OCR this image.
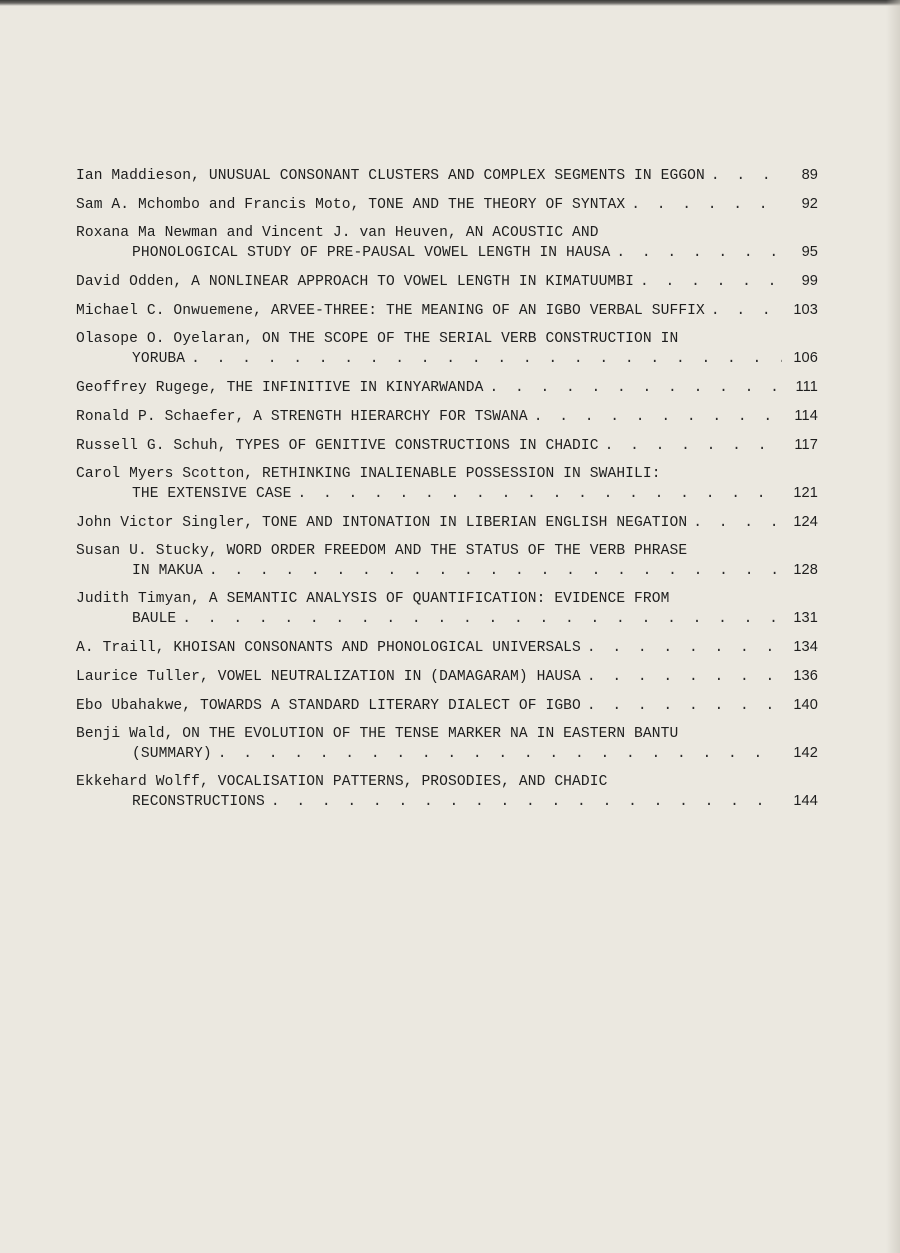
Ian Maddieson, UNUSUAL CONSONANT CLUSTERS AND COMPLEX SEGMENTS IN EGGON . . .	89
Sam A. Mchombo and Francis Moto, TONE AND THE THEORY OF SYNTAX . . .	92
Roxana Ma Newman and Vincent J. van Heuven, AN ACOUSTIC AND
PHONOLOGICAL STUDY OF PRE-PAUSAL VOWEL LENGTH IN HAUSA . . .	95
David Odden, A NONLINEAR APPROACH TO VOWEL LENGTH IN KIMATUUMBI . . .	99
Michael C. Onwuemene, ARVEE-THREE: THE MEANING OF AN IGBO VERBAL SUFFIX . . .	103
Olasope O. Oyelaran, ON THE SCOPE OF THE SERIAL VERB CONSTRUCTION IN
YORUBA . . .	106
Geoffrey Rugege, THE INFINITIVE IN KINYARWANDA . . .	111
Ronald P. Schaefer, A STRENGTH HIERARCHY FOR TSWANA . . .	114
Russell G. Schuh, TYPES OF GENITIVE CONSTRUCTIONS IN CHADIC . . .	117
Carol Myers Scotton, RETHINKING INALIENABLE POSSESSION IN SWAHILI:
THE EXTENSIVE CASE . . .	121
John Victor Singler, TONE AND INTONATION IN LIBERIAN ENGLISH NEGATION . . .	124
Susan U. Stucky, WORD ORDER FREEDOM AND THE STATUS OF THE VERB PHRASE
IN MAKUA . . .	128
Judith Timyan, A SEMANTIC ANALYSIS OF QUANTIFICATION: EVIDENCE FROM
BAULE . . .	131
A. Traill, KHOISAN CONSONANTS AND PHONOLOGICAL UNIVERSALS . . .	134
Laurice Tuller, VOWEL NEUTRALIZATION IN (DAMAGARAM) HAUSA . . .	136
Ebo Ubahakwe, TOWARDS A STANDARD LITERARY DIALECT OF IGBO . . .	140
Benji Wald, ON THE EVOLUTION OF THE TENSE MARKER NA IN EASTERN BANTU
(SUMMARY) . . .	142
Ekkehard Wolff, VOCALISATION PATTERNS, PROSODIES, AND CHADIC
RECONSTRUCTIONS . . .	144
